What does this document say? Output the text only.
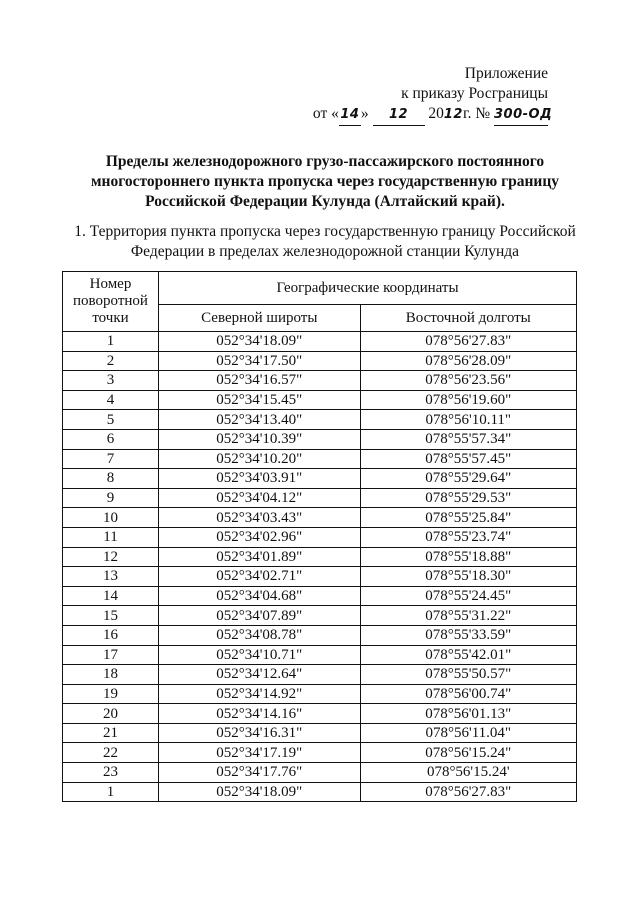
Приложение
к приказу Росграницы
от «14» 12 2012г. № 300-ОД
Пределы железнодорожного грузо-пассажирского постоянного
многостороннего пункта пропуска через государственную границу
Российской Федерации Кулунда (Алтайский край).
1. Территория пункта пропуска через государственную границу Российской
Федерации в пределах железнодорожной станции Кулунда
Номер
поворотной
точки	Географические координаты	
	Северной широты	Восточной долготы
1	052°34'18.09"	078°56'27.83"
2	052°34'17.50"	078°56'28.09"
3	052°34'16.57"	078°56'23.56"
4	052°34'15.45"	078°56'19.60"
5	052°34'13.40"	078°56'10.11"
6	052°34'10.39"	078°55'57.34"
7	052°34'10.20"	078°55'57.45"
8	052°34'03.91"	078°55'29.64"
9	052°34'04.12"	078°55'29.53"
10	052°34'03.43"	078°55'25.84"
11	052°34'02.96"	078°55'23.74"
12	052°34'01.89"	078°55'18.88"
13	052°34'02.71"	078°55'18.30"
14	052°34'04.68"	078°55'24.45"
15	052°34'07.89"	078°55'31.22"
16	052°34'08.78"	078°55'33.59"
17	052°34'10.71"	078°55'42.01"
18	052°34'12.64"	078°55'50.57"
19	052°34'14.92"	078°56'00.74"
20	052°34'14.16"	078°56'01.13"
21	052°34'16.31"	078°56'11.04"
22	052°34'17.19"	078°56'15.24"
23	052°34'17.76"	078°56'15.24'
1	052°34'18.09"	078°56'27.83"
